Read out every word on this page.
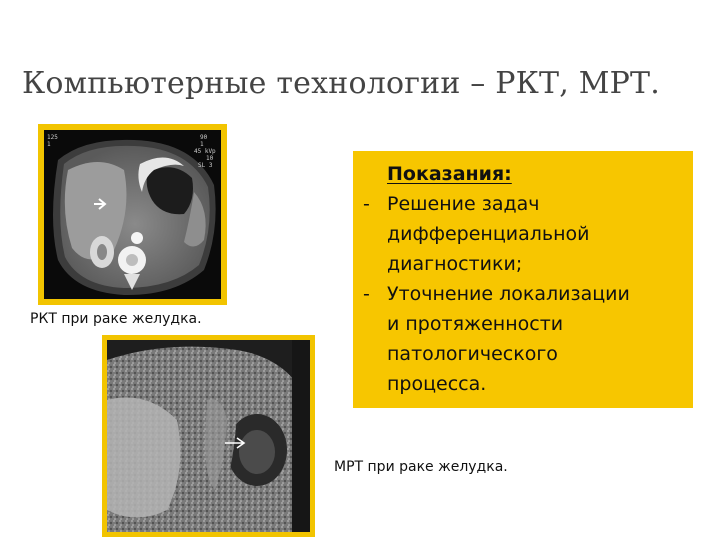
Компьютерные технологии – РКТ, МРТ.
125
1
90
1
45 kVp
10
SL 3
РКТ при раке желудка.
МРТ при раке желудка.
Показания:
- Решение задач
дифференциальной
диагностики;
- Уточнение локализации
и протяженности
патологического
процесса.
